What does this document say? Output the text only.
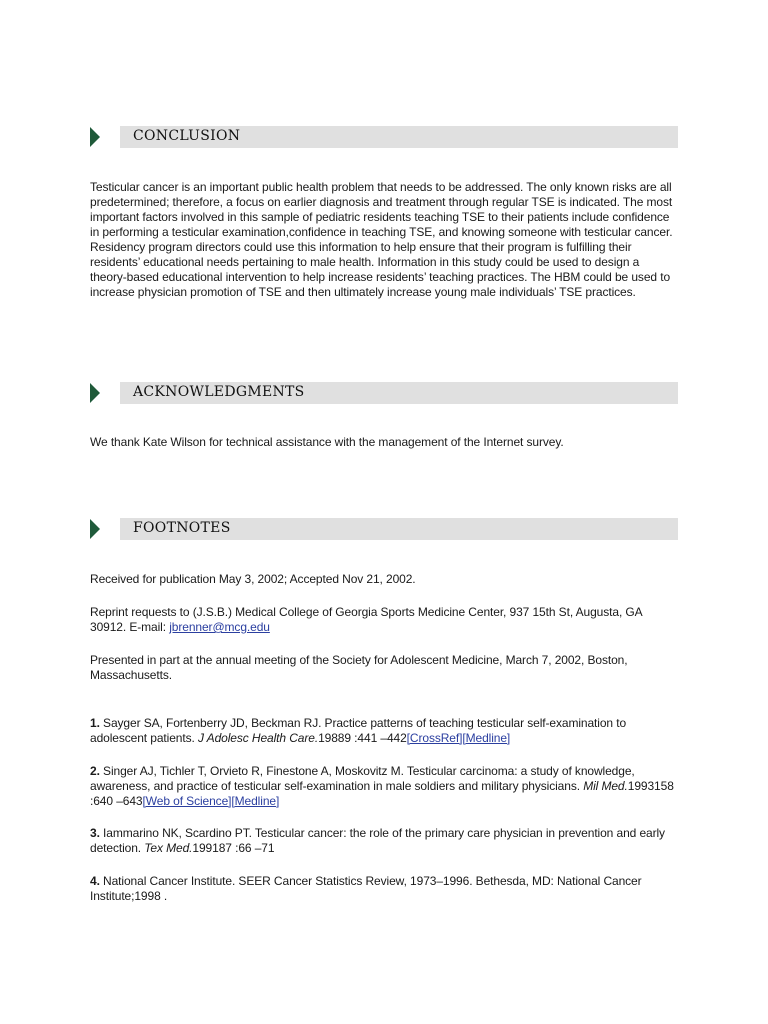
CONCLUSION
Testicular cancer is an important public health problem that needs to be addressed. The only known risks are all predetermined; therefore, a focus on earlier diagnosis and treatment through regular TSE is indicated. The most important factors involved in this sample of pediatric residents teaching TSE to their patients include confidence in performing a testicular examination,confidence in teaching TSE, and knowing someone with testicular cancer. Residency program directors could use this information to help ensure that their program is fulfilling their residents’ educational needs pertaining to male health. Information in this study could be used to design a theory-based educational intervention to help increase residents’ teaching practices. The HBM could be used to increase physician promotion of TSE and then ultimately increase young male individuals’ TSE practices.
ACKNOWLEDGMENTS
We thank Kate Wilson for technical assistance with the management of the Internet survey.
FOOTNOTES
Received for publication May 3, 2002; Accepted Nov 21, 2002.
Reprint requests to (J.S.B.) Medical College of Georgia Sports Medicine Center, 937 15th St, Augusta, GA 30912. E-mail: jbrenner@mcg.edu
Presented in part at the annual meeting of the Society for Adolescent Medicine, March 7, 2002, Boston, Massachusetts.
1. Sayger SA, Fortenberry JD, Beckman RJ. Practice patterns of teaching testicular self-examination to adolescent patients. J Adolesc Health Care.19889 :441 –442[CrossRef][Medline]
2. Singer AJ, Tichler T, Orvieto R, Finestone A, Moskovitz M. Testicular carcinoma: a study of knowledge, awareness, and practice of testicular self-examination in male soldiers and military physicians. Mil Med.1993158 :640 –643[Web of Science][Medline]
3. Iammarino NK, Scardino PT. Testicular cancer: the role of the primary care physician in prevention and early detection. Tex Med.199187 :66 –71
4. National Cancer Institute. SEER Cancer Statistics Review, 1973–1996. Bethesda, MD: National Cancer Institute;1998 .
